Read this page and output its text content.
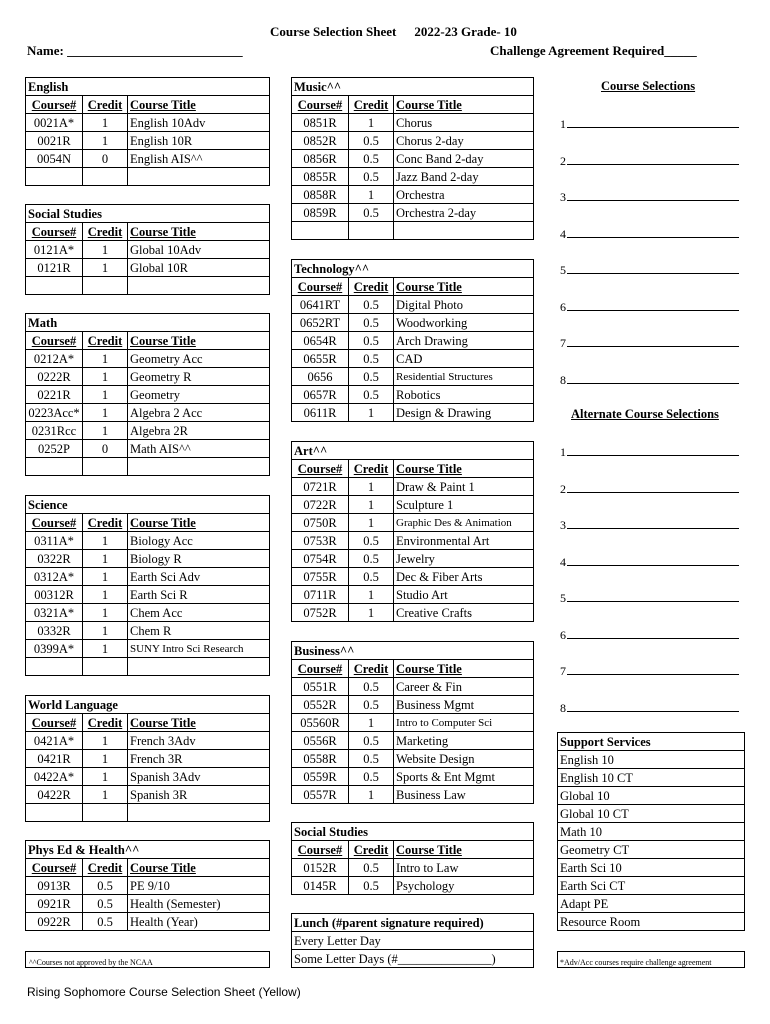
Course Selection Sheet 2022-23 Grade- 10
Name: ___________________________	Challenge Agreement Required_____
English		
Course#	Credit	Course Title
0021A*	1	English 10Adv
0021R	1	English 10R
0054N	0	English AIS^^

Social Studies		
Course#	Credit	Course Title
0121A*	1	Global 10Adv
0121R	1	Global 10R

Math		
Course#	Credit	Course Title
0212A*	1	Geometry Acc
0222R	1	Geometry R
0221R	1	Geometry
0223Acc*	1	Algebra 2 Acc
0231Rcc	1	Algebra 2R
0252P	0	Math AIS^^

Science		
Course#	Credit	Course Title
0311A*	1	Biology Acc
0322R	1	Biology R
0312A*	1	Earth Sci Adv
00312R	1	Earth Sci R
0321A*	1	Chem Acc
0332R	1	Chem R
0399A*	1	SUNY Intro Sci Research

World Language		
Course#	Credit	Course Title
0421A*	1	French 3Adv
0421R	1	French 3R
0422A*	1	Spanish 3Adv
0422R	1	Spanish 3R

Phys Ed & Health^^		
Course#	Credit	Course Title
0913R	0.5	PE 9/10
0921R	0.5	Health (Semester)
0922R	0.5	Health (Year)
^^Courses not approved by the NCAA
Music^^		
Course#	Credit	Course Title
0851R	1	Chorus
0852R	0.5	Chorus 2-day
0856R	0.5	Conc Band 2-day
0855R	0.5	Jazz Band 2-day
0858R	1	Orchestra
0859R	0.5	Orchestra 2-day

Technology^^		
Course#	Credit	Course Title
0641RT	0.5	Digital Photo
0652RT	0.5	Woodworking
0654R	0.5	Arch Drawing
0655R	0.5	CAD
0656	0.5	Residential Structures
0657R	0.5	Robotics
0611R	1	Design & Drawing
Art^^		
Course#	Credit	Course Title
0721R	1	Draw & Paint 1
0722R	1	Sculpture 1
0750R	1	Graphic Des & Animation
0753R	0.5	Environmental Art
0754R	0.5	Jewelry
0755R	0.5	Dec & Fiber Arts
0711R	1	Studio Art
0752R	1	Creative Crafts
Business^^		
Course#	Credit	Course Title
0551R	0.5	Career & Fin
0552R	0.5	Business Mgmt
05560R	1	Intro to Computer Sci
0556R	0.5	Marketing
0558R	0.5	Website Design
0559R	0.5	Sports & Ent Mgmt
0557R	1	Business Law
Social Studies		
Course#	Credit	Course Title
0152R	0.5	Intro to Law
0145R	0.5	Psychology
Lunch (#parent signature required)
Every Letter Day
Some Letter Days (#_______________)
Course Selections
1
2
3
4
5
6
7
8
Alternate Course Selections
1
2
3
4
5
6
7
8
Support Services
English 10
English 10 CT
Global 10
Global 10 CT
Math 10
Geometry CT
Earth Sci 10
Earth Sci CT
Adapt PE
Resource Room
*Adv/Acc courses require challenge agreement
Rising Sophomore Course Selection Sheet (Yellow)
